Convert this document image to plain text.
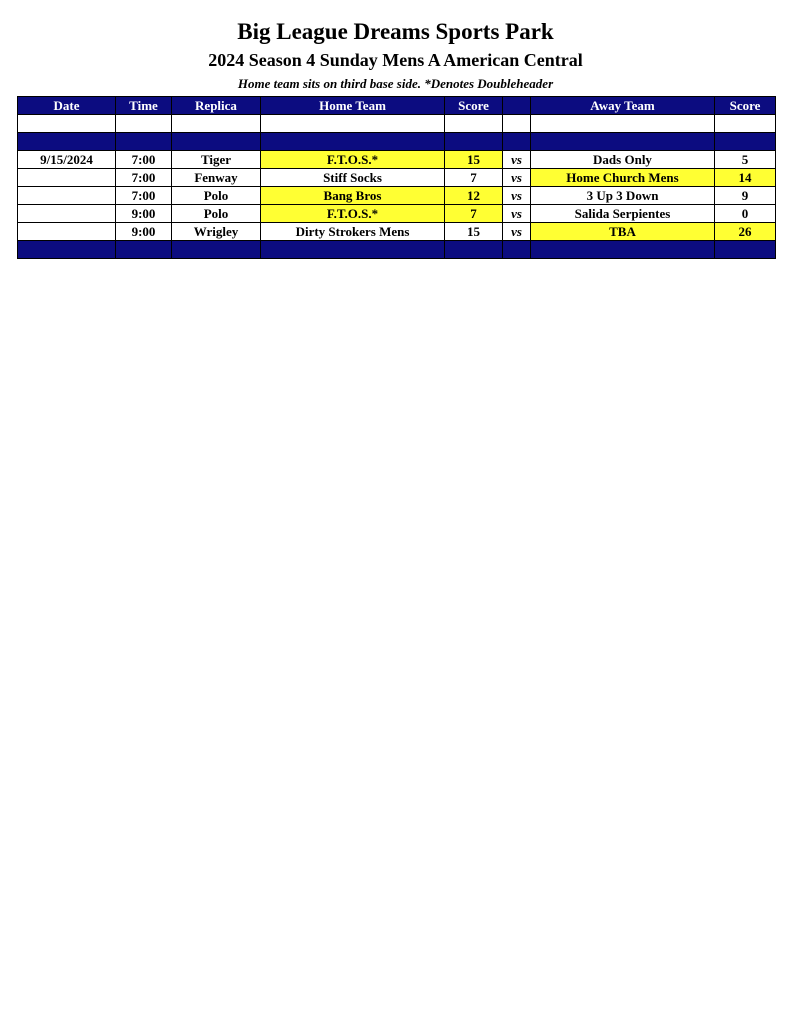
Big League Dreams Sports Park
2024 Season 4 Sunday Mens A American Central
Home team sits on third base side. *Denotes Doubleheader
Date	Time	Replica	Home Team	Score		Away Team	Score

9/15/2024	7:00	Tiger	F.T.O.S.*	15	vs	Dads Only	5
	7:00	Fenway	Stiff Socks	7	vs	Home Church Mens	14
	7:00	Polo	Bang Bros	12	vs	3 Up 3 Down	9
	9:00	Polo	F.T.O.S.*	7	vs	Salida Serpientes	0
	9:00	Wrigley	Dirty Strokers Mens	15	vs	TBA	26
